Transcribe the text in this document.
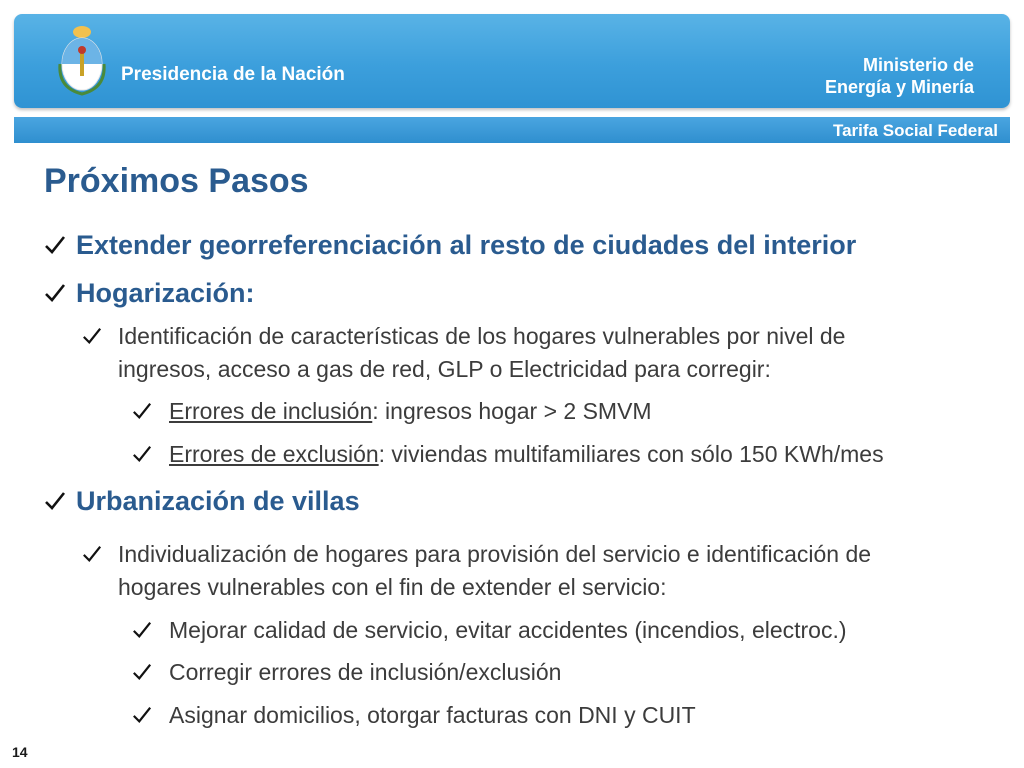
Presidencia de la Nación	Ministerio de
Energía y Minería
Tarifa Social Federal
Próximos Pasos
Extender georreferenciación al resto de ciudades del interior
Hogarización:
Identificación de características de los hogares vulnerables por nivel de
ingresos, acceso a gas de red, GLP o Electricidad para corregir:
Errores de inclusión: ingresos hogar > 2 SMVM
Errores de exclusión: viviendas multifamiliares con sólo 150 KWh/mes
Urbanización de villas
Individualización de hogares para provisión del servicio e identificación de
hogares vulnerables con el fin de extender el servicio:
Mejorar calidad de servicio, evitar accidentes (incendios, electroc.)
Corregir errores de inclusión/exclusión
Asignar domicilios, otorgar facturas con DNI y CUIT
14
